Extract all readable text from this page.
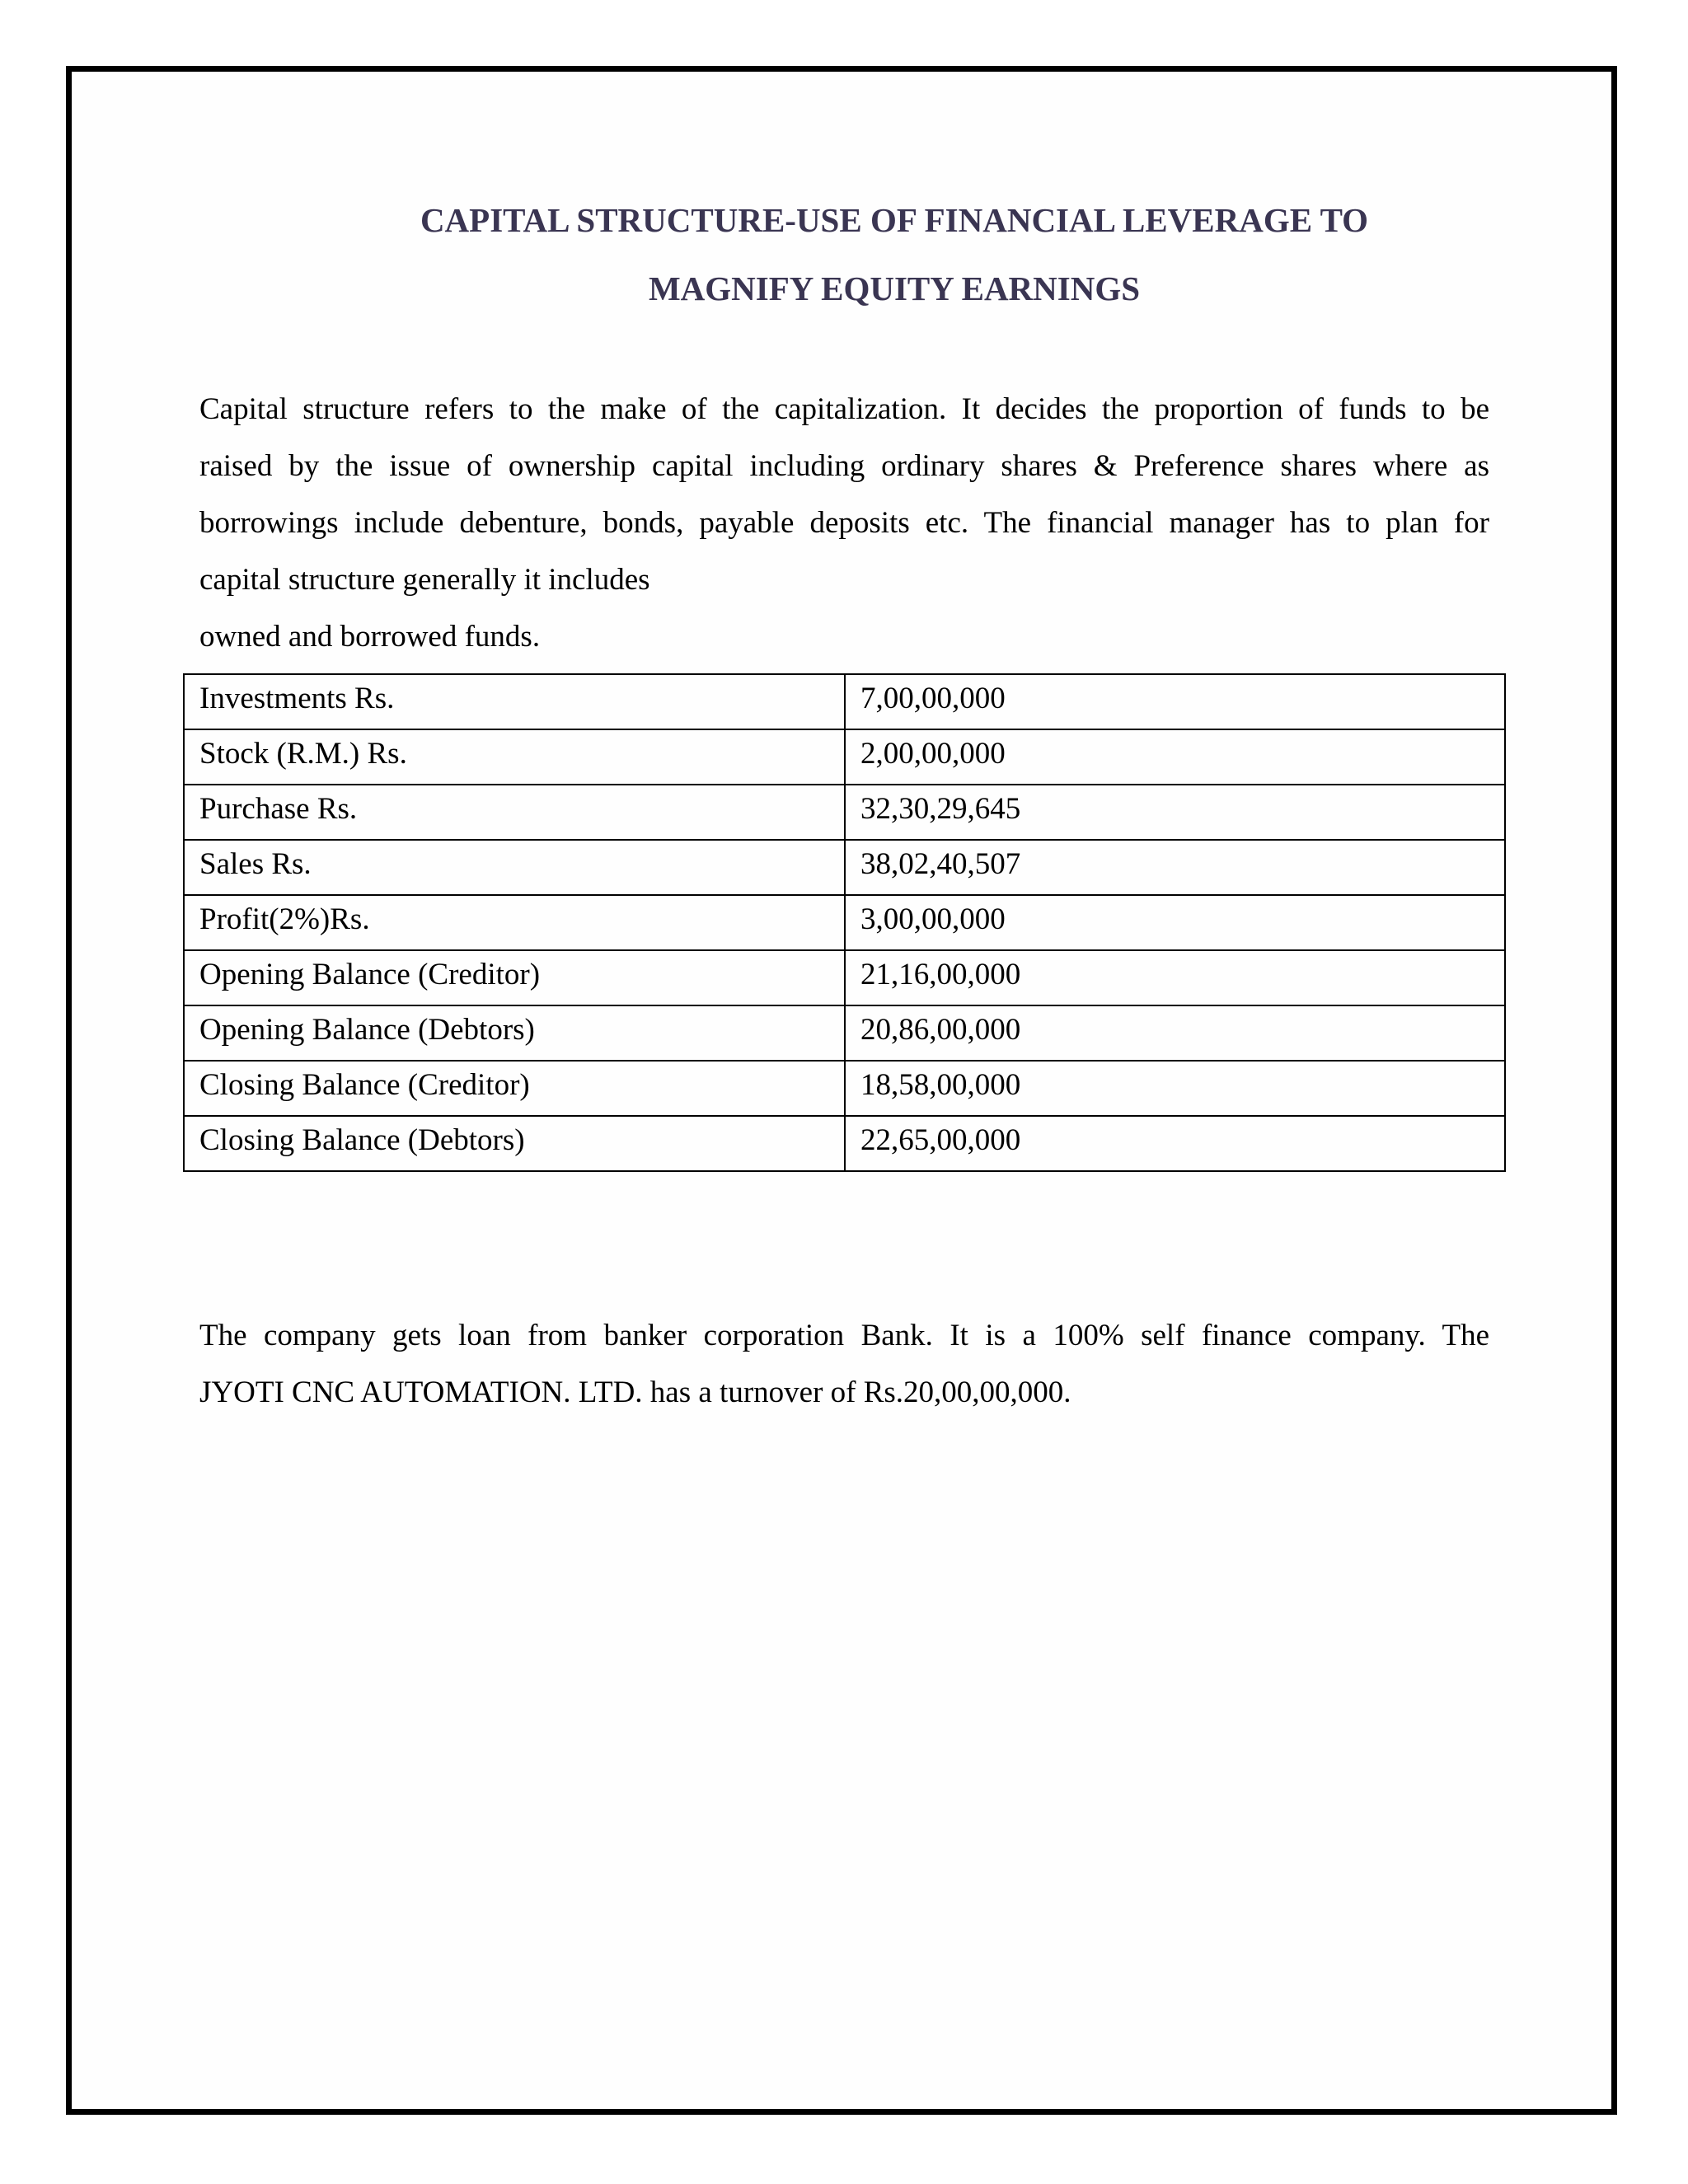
CAPITAL STRUCTURE-USE OF FINANCIAL LEVERAGE TO
MAGNIFY EQUITY EARNINGS
Capital structure refers to the make of the capitalization. It decides the proportion of funds to be
raised by the issue of ownership capital including ordinary shares & Preference shares where as
borrowings include debenture, bonds, payable deposits etc. The financial manager has to plan for
capital structure generally it includes
owned and borrowed funds.
Investments Rs.	7,00,00,000
Stock (R.M.) Rs.	2,00,00,000
Purchase Rs.	32,30,29,645
Sales Rs.	38,02,40,507
Profit(2%)Rs.	3,00,00,000
Opening Balance (Creditor)	21,16,00,000
Opening Balance (Debtors)	20,86,00,000
Closing Balance (Creditor)	18,58,00,000
Closing Balance (Debtors)	22,65,00,000
The company gets loan from banker corporation Bank. It is a 100% self finance company. The
JYOTI CNC AUTOMATION. LTD. has a turnover of Rs.20,00,00,000.
